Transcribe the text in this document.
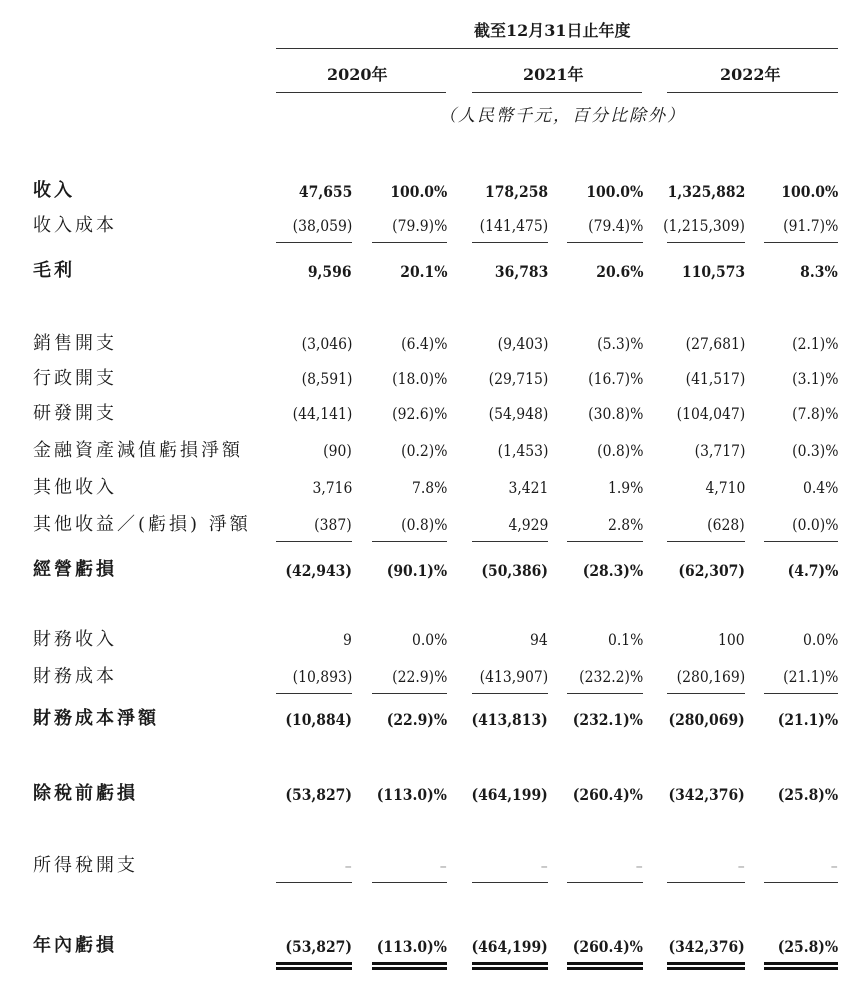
截至12月31日止年度
2020年	2021年	2022年
（人民幣千元，百分比除外）
收入	47,655 100.0% 178,258 100.0% 1,325,882 100.0%
收入成本	(38,059)	(79.9)% (141,475)	(79.4)% (1,215,309) (91.7)%
毛利	9,596	20.1%	36,783	20.6%	110,573	8.3%
銷售開支	(3,046)	(6.4)%	(9,403)	(5.3)%	(27,681)	(2.1)%
行政開支	(8,591)	(18.0)%	(29,715)	(16.7)%	(41,517)	(3.1)%
研發開支	(44,141)	(92.6)%	(54,948)	(30.8)% (104,047)	(7.8)%
金融資產減值虧損淨額	(90)	(0.2)%	(1,453)	(0.8)%	(3,717)	(0.3)%
其他收入	3,716	7.8%	3,421	1.9%	4,710	0.4%
其他收益／(虧損) 淨額	(387)	(0.8)%	4,929	2.8%	(628)	(0.0)%
經營虧損	(42,943) (90.1)% (50,386) (28.3)% (62,307)	(4.7)%
財務收入	9	0.0%	94	0.1%	100	0.0%
財務成本	(10,893)	(22.9)% (413,907) (232.2)% (280,169) (21.1)%
財務成本淨額	(10,884) (22.9)% (413,813) (232.1)% (280,069) (21.1)%
除稅前虧損	(53,827) (113.0)% (464,199) (260.4)% (342,376) (25.8)%
所得稅開支	–	–	–	–	–	–
年內虧損	(53,827) (113.0)% (464,199) (260.4)% (342,376) (25.8)%
